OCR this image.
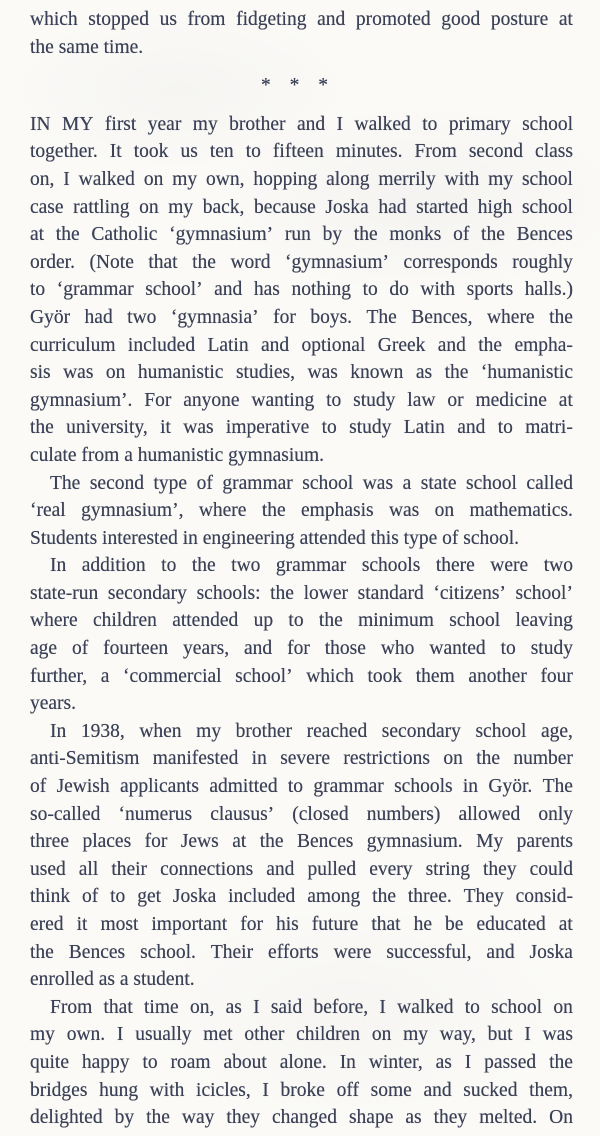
which stopped us from fidgeting and promoted good posture at
the same time.
* * *
IN MY first year my brother and I walked to primary school
together. It took us ten to fifteen minutes. From second class
on, I walked on my own, hopping along merrily with my school
case rattling on my back, because Joska had started high school
at the Catholic ‘gymnasium’ run by the monks of the Bences
order. (Note that the word ‘gymnasium’ corresponds roughly
to ‘grammar school’ and has nothing to do with sports halls.)
Györ had two ‘gymnasia’ for boys. The Bences, where the
curriculum included Latin and optional Greek and the empha-
sis was on humanistic studies, was known as the ‘humanistic
gymnasium’. For anyone wanting to study law or medicine at
the university, it was imperative to study Latin and to matri-
culate from a humanistic gymnasium.
The second type of grammar school was a state school called
‘real gymnasium’, where the emphasis was on mathematics.
Students interested in engineering attended this type of school.
In addition to the two grammar schools there were two
state-run secondary schools: the lower standard ‘citizens’ school’
where children attended up to the minimum school leaving
age of fourteen years, and for those who wanted to study
further, a ‘commercial school’ which took them another four
years.
In 1938, when my brother reached secondary school age,
anti-Semitism manifested in severe restrictions on the number
of Jewish applicants admitted to grammar schools in Györ. The
so-called ‘numerus clausus’ (closed numbers) allowed only
three places for Jews at the Bences gymnasium. My parents
used all their connections and pulled every string they could
think of to get Joska included among the three. They consid-
ered it most important for his future that he be educated at
the Bences school. Their efforts were successful, and Joska
enrolled as a student.
From that time on, as I said before, I walked to school on
my own. I usually met other children on my way, but I was
quite happy to roam about alone. In winter, as I passed the
bridges hung with icicles, I broke off some and sucked them,
delighted by the way they changed shape as they melted. On
